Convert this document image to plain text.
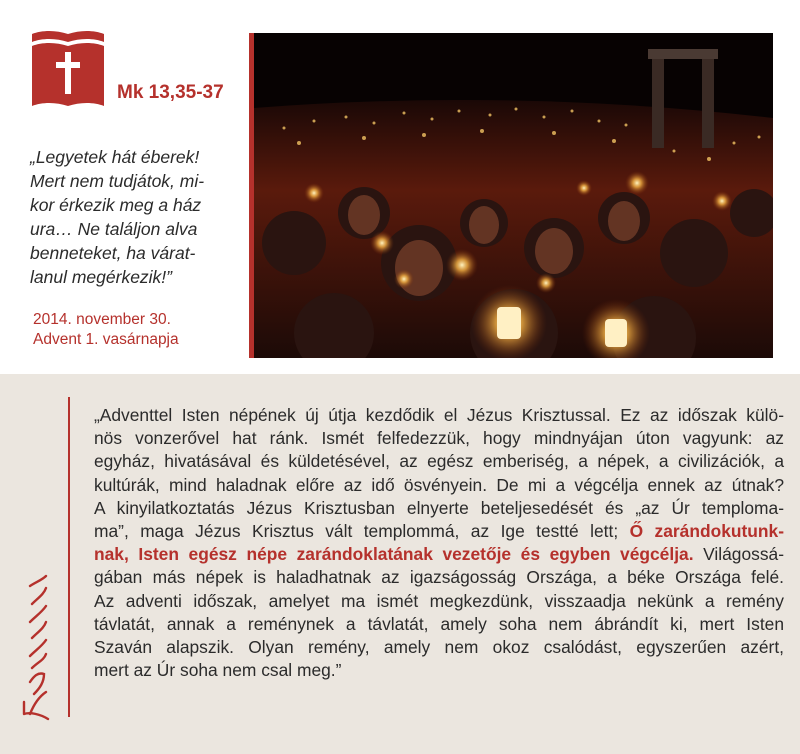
Mk 13,35-37
„Legyetek hát éberek!
Mert nem tudjátok, mi-
kor érkezik meg a ház
ura… Ne találjon alva
benneteket, ha várat-
lanul megérkezik!”
2014. november 30.
Advent 1. vasárnapja
„Adventtel Isten népének új útja kezdődik el Jézus Krisztussal. Ez az időszak külö-
nös vonzerővel hat ránk. Ismét felfedezzük, hogy mindnyájan úton vagyunk: az
egyház, hivatásával és küldetésével, az egész emberiség, a népek, a civilizációk, a
kultúrák, mind haladnak előre az idő ösvényein. De mi a végcélja ennek az útnak?
A kinyilatkoztatás Jézus Krisztusban elnyerte beteljesedését és „az Úr temploma-
ma”, maga Jézus Krisztus vált templommá, az Ige testté lett; Ő zarándokutunk-
nak, Isten egész népe zarándoklatának vezetője és egyben végcélja. Világossá-
gában más népek is haladhatnak az igazságosság Országa, a béke Országa felé.
Az adventi időszak, amelyet ma ismét megkezdünk, visszaadja nekünk a remény
távlatát, annak a reménynek a távlatát, amely soha nem ábrándít ki, mert Isten
Szaván alapszik. Olyan remény, amely nem okoz csalódást, egyszerűen azért,
mert az Úr soha nem csal meg.”
